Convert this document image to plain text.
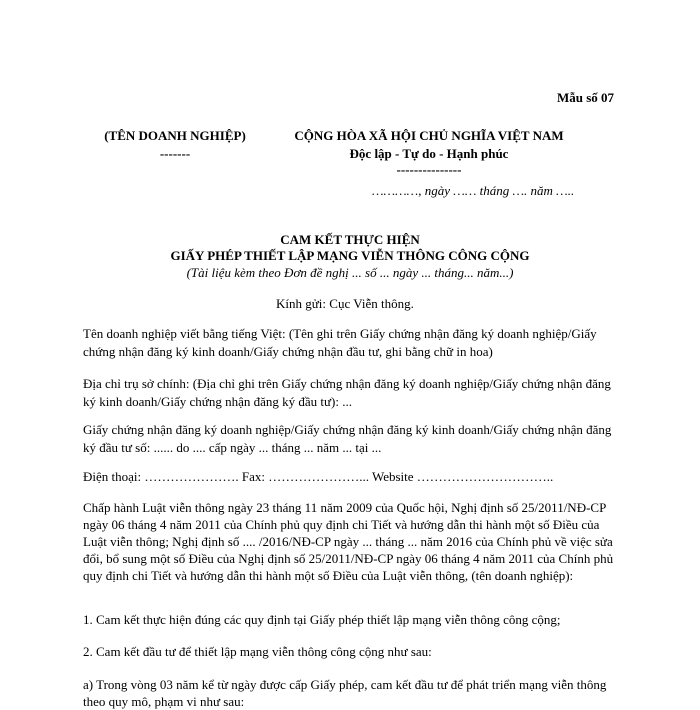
Mẫu số 07
(TÊN DOANH NGHIỆP)
-------
CỘNG HÒA XÃ HỘI CHỦ NGHĨA VIỆT NAM
Độc lập - Tự do - Hạnh phúc
---------------
…………, ngày …… tháng …. năm …..
CAM KẾT THỰC HIỆN
GIẤY PHÉP THIẾT LẬP MẠNG VIỄN THÔNG CÔNG CỘNG
(Tài liệu kèm theo Đơn đề nghị ... số ... ngày ... tháng... năm...)
Kính gửi: Cục Viễn thông.
Tên doanh nghiệp viết bằng tiếng Việt: (Tên ghi trên Giấy chứng nhận đăng ký doanh nghiệp/Giấy chứng nhận đăng ký kinh doanh/Giấy chứng nhận đầu tư, ghi bằng chữ in hoa)
Địa chỉ trụ sở chính: (Địa chỉ ghi trên Giấy chứng nhận đăng ký doanh nghiệp/Giấy chứng nhận đăng ký kinh doanh/Giấy chứng nhận đăng ký đầu tư): ...
Giấy chứng nhận đăng ký doanh nghiệp/Giấy chứng nhận đăng ký kinh doanh/Giấy chứng nhận đăng ký đầu tư số: ...... do .... cấp ngày ... tháng ... năm ... tại ...
Điện thoại: …………………. Fax: …………………... Website …………………………..
Chấp hành Luật viễn thông ngày 23 tháng 11 năm 2009 của Quốc hội, Nghị định số 25/2011/NĐ-CP ngày 06 tháng 4 năm 2011 của Chính phủ quy định chi Tiết và hướng dẫn thi hành một số Điều của Luật viễn thông; Nghị định số .... /2016/NĐ-CP ngày ... tháng ... năm 2016 của Chính phủ về việc sửa đổi, bổ sung một số Điều của Nghị định số 25/2011/NĐ-CP ngày 06 tháng 4 năm 2011 của Chính phủ quy định chi Tiết và hướng dẫn thi hành một số Điều của Luật viễn thông, (tên doanh nghiệp):
1. Cam kết thực hiện đúng các quy định tại Giấy phép thiết lập mạng viễn thông công cộng;
2. Cam kết đầu tư để thiết lập mạng viễn thông công cộng như sau:
a) Trong vòng 03 năm kể từ ngày được cấp Giấy phép, cam kết đầu tư để phát triển mạng viễn thông theo quy mô, phạm vi như sau:
